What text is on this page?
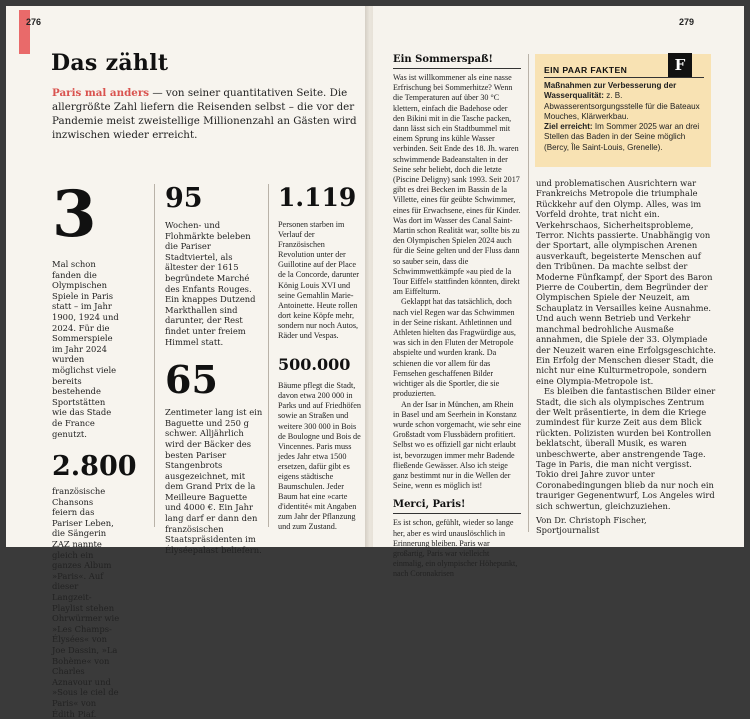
276
Das zählt
Paris mal anders — von seiner quantitativen Seite. Die allergrößte Zahl liefern die Reisenden selbst – die vor der Pandemie meist zweistellige Millionenzahl an Gästen wird inzwischen wieder erreicht.
3
Mal schon fanden die Olympischen Spiele in Paris statt – im Jahr 1900, 1924 und 2024. Für die Sommerspiele im Jahr 2024 wurden möglichst viele bereits bestehende Sportstätten wie das Stade de France genutzt.
2.800
französische Chansons feiern das Pariser Leben, die Sängerin ZAZ nannte gleich ein ganzes Album »Paris«. Auf dieser Langzeit-Playlist stehen Ohrwürmer wie »Les Champs-Élysées« von Joe Dassin, »La Bohème« von Charles Aznavour und »Sous le ciel de Paris« von Édith Piaf.
95
Wochen- und Flohmärkte beleben die Pariser Stadtviertel, als ältester der 1615 begründete Marché des Enfants Rouges. Ein knappes Dutzend Markthallen sind darunter, der Rest findet unter freiem Himmel statt.
65
Zentimeter lang ist ein Baguette und 250 g schwer. Alljährlich wird der Bäcker des besten Pariser Stangenbrots ausgezeichnet, mit dem Grand Prix de la Meilleure Baguette und 4000 €. Ein Jahr lang darf er dann den französischen Staatspräsidenten im Élyséepalast beliefern.
1.119
Personen starben im Verlauf der Französischen Revolution unter der Guillotine auf der Place de la Concorde, darunter König Louis XVI und seine Gemahlin Marie-Antoinette. Heute rollen dort keine Köpfe mehr, sondern nur noch Autos, Räder und Vespas.
500.000
Bäume pflegt die Stadt, davon etwa 200 000 in Parks und auf Friedhöfen sowie an Straßen und weitere 300 000 in Bois de Boulogne und Bois de Vincennes. Paris muss jedes Jahr etwa 1500 ersetzen, dafür gibt es eigens städtische Baumschulen. Jeder Baum hat eine »carte d'identité« mit Angaben zum Jahr der Pflanzung und zum Zustand.
279
Ein Sommerspaß!
Was ist willkommener als eine nasse Erfrischung bei Sommerhitze? Wenn die Temperaturen auf über 30 °C klettern, einfach die Badehose oder den Bikini mit in die Tasche packen, dann lässt sich ein Stadtbummel mit einem Sprung ins kühle Wasser verbinden. Seit Ende des 18. Jh. waren schwimmende Badeanstalten in der Seine sehr beliebt, doch die letzte (Piscine Deligny) sank 1993. Seit 2017 gibt es drei Becken im Bassin de la Villette, eines für geübte Schwimmer, eines für Erwachsene, eines für Kinder. Was dort im Wasser des Canal Saint-Martin schon Realität war, sollte bis zu den Olympischen Spielen 2024 auch für die Seine gelten und der Fluss dann so sauber sein, dass die Schwimmwettkämpfe »au pied de la Tour Eiffel« stattfinden könnten, direkt am Eiffelturm.
Geklappt hat das tatsächlich, doch nach viel Regen war das Schwimmen in der Seine riskant. Athletinnen und Athleten hielten das Fragwürdige aus, was sich in den Fluten der Metropole abspielte und wurden krank. Da schienen die vor allem für das Fernsehen geschaffenen Bilder wichtiger als die Sportler, die sie produzierten.
An der Isar in München, am Rhein in Basel und am Seerhein in Konstanz wurde schon vorgemacht, wie sehr eine Großstadt vom Flussbädern profitiert. Selbst wo es offiziell gar nicht erlaubt ist, bevorzugen immer mehr Badende fließende Gewässer. Also ich steige ganz bestimmt nur in die Wellen der Seine, wenn es möglich ist!
Merci, Paris!
Es ist schon, gefühlt, wieder so lange her, aber es wird unauslöschlich in Erinnerung bleiben. Paris war großartig, Paris war vielleicht einmalig, ein olympischer Höhepunkt, nach Coronakrisen
EIN PAAR FAKTEN
Maßnahmen zur Verbesserung der Wasserqualität: z. B. Abwasserentsorgungsstelle für die Bateaux Mouches, Klärwerkbau.
Ziel erreicht: Im Sommer 2025 war an drei Stellen das Baden in der Seine möglich (Bercy, Île Saint-Louis, Grenelle).
F
und problematischen Ausrichtern war Frankreichs Metropole die triumphale Rückkehr auf den Olymp. Alles, was im Vorfeld drohte, trat nicht ein. Verkehrschaos, Sicherheitsprobleme, Terror. Nichts passierte. Unabhängig von der Sportart, alle olympischen Arenen ausverkauft, begeisterte Menschen auf den Tribünen. Da machte selbst der Moderne Fünfkampf, der Sport des Baron Pierre de Coubertin, dem Begründer der Olympischen Spiele der Neuzeit, am Schauplatz in Versailles keine Ausnahme. Und auch wenn Betrieb und Verkehr manchmal bedrohliche Ausmaße annahmen, die Spiele der 33. Olympiade der Neuzeit waren eine Erfolgsgeschichte. Ein Erfolg der Menschen dieser Stadt, die nicht nur eine Kulturmetropole, sondern eine Olympia-Metropole ist.
Es bleiben die fantastischen Bilder einer Stadt, die sich als olympisches Zentrum der Welt präsentierte, in dem die Kriege zumindest für kurze Zeit aus dem Blick rückten. Polizisten wurden bei Kontrollen beklatscht, überall Musik, es waren unbeschwerte, aber anstrengende Tage. Tage in Paris, die man nicht vergisst. Tokio drei Jahre zuvor unter Coronabedingungen blieb da nur noch ein trauriger Gegenentwurf, Los Angeles wird sich schwertun, gleichzuziehen.
Von Dr. Christoph Fischer,
Sportjournalist
